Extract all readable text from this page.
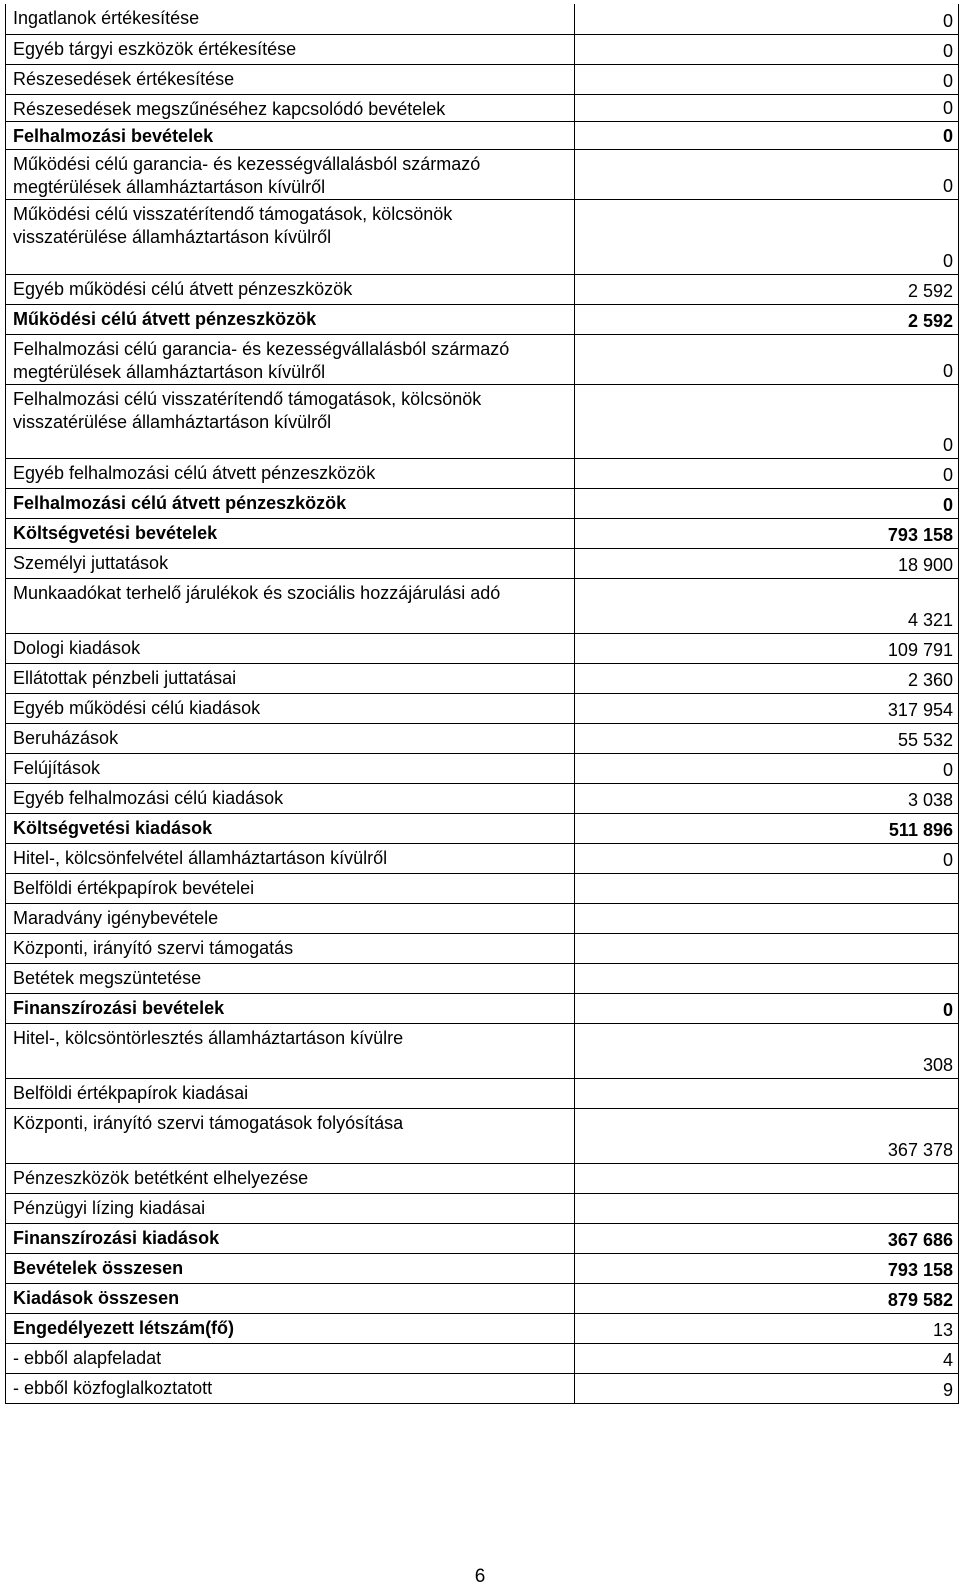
Ingatlanok értékesítése	0
Egyéb tárgyi eszközök értékesítése	0
Részesedések értékesítése	0
Részesedések megszűnéséhez kapcsolódó bevételek	0
Felhalmozási bevételek	0
Működési célú garancia- és kezességvállalásból származó megtérülések államháztartáson kívülről	0
Működési célú visszatérítendő támogatások, kölcsönök visszatérülése államháztartáson kívülről	0
Egyéb működési célú átvett pénzeszközök	2 592
Működési célú átvett pénzeszközök	2 592
Felhalmozási célú garancia- és kezességvállalásból származó megtérülések államháztartáson kívülről	0
Felhalmozási célú visszatérítendő támogatások, kölcsönök visszatérülése államháztartáson kívülről	0
Egyéb felhalmozási célú átvett pénzeszközök	0
Felhalmozási célú átvett pénzeszközök	0
Költségvetési bevételek	793 158
Személyi juttatások	18 900
Munkaadókat terhelő járulékok és szociális hozzájárulási adó	4 321
Dologi kiadások	109 791
Ellátottak pénzbeli juttatásai	2 360
Egyéb működési célú kiadások	317 954
Beruházások	55 532
Felújítások	0
Egyéb felhalmozási célú kiadások	3 038
Költségvetési kiadások	511 896
Hitel-, kölcsönfelvétel államháztartáson kívülről	0
Belföldi értékpapírok bevételei	
Maradvány igénybevétele	
Központi, irányító szervi támogatás	
Betétek megszüntetése	
Finanszírozási bevételek	0
Hitel-, kölcsöntörlesztés államháztartáson kívülre	308
Belföldi értékpapírok kiadásai	
Központi, irányító szervi támogatások folyósítása	367 378
Pénzeszközök betétként elhelyezése	
Pénzügyi lízing kiadásai	
Finanszírozási kiadások	367 686
Bevételek összesen	793 158
Kiadások összesen	879 582
Engedélyezett létszám(fő)	13
- ebből alapfeladat	4
- ebből közfoglalkoztatott	9
6
